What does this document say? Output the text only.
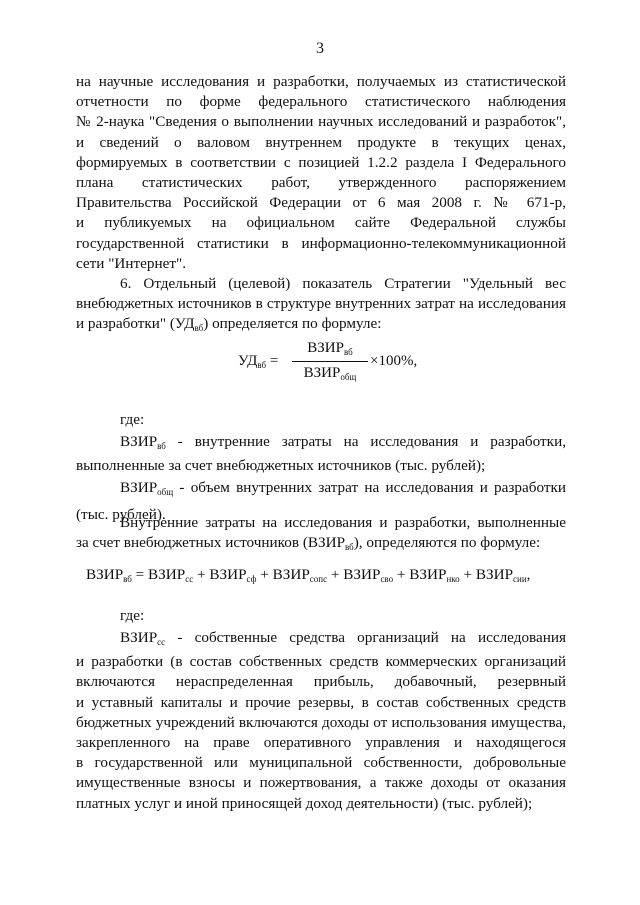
3

на научные исследования и разработки, получаемых из статистической

отчетности по форме федерального статистического наблюдения

№ 2-наука "Сведения о выполнении научных исследований и разработок",

и сведений о валовом внутреннем продукте в текущих ценах,

формируемых в соответствии с позицией 1.2.2 раздела I Федерального

плана статистических работ, утвержденного распоряжением

Правительства Российской Федерации от 6 мая 2008 г. № 671-р,

и публикуемых на официальном сайте Федеральной службы

государственной статистики в информационно-телекоммуникационной

сети "Интернет".

6. Отдельный (целевой) показатель Стратегии "Удельный вес

внебюджетных источников в структуре внутренних затрат на исследования

и разработки" $(УД_{вб})$ определяется по формуле:

$УД_{вб}$ =
$ВЗИР_{вб}$
$ВЗИР_{общ}$
×100%,
где:

$ВЗИР_{вб}$ - внутренние затраты на исследования и разработки,

выполненные за счет внебюджетных источников (тыс. рублей);

$ВЗИР_{общ}$ - объем внутренних затрат на исследования и разработки

(тыс. рублей).

Внутренние затраты на исследования и разработки, выполненные

за счет внебюджетных источников $(ВЗИР_{вб})$, определяются по формуле:

$ВЗИР_{вб}$ = $ВЗИР_{сс}$ + $ВЗИР_{сф}$ + $ВЗИР_{сопс}$ + $ВЗИР_{сво}$ + $ВЗИР_{нко}$ + $ВЗИР_{сии}$,
где:

$ВЗИР_{сс}$ - собственные средства организаций на исследования

и разработки (в состав собственных средств коммерческих организаций

включаются нераспределенная прибыль, добавочный, резервный

и уставный капиталы и прочие резервы, в состав собственных средств

бюджетных учреждений включаются доходы от использования имущества,

закрепленного на праве оперативного управления и находящегося

в государственной или муниципальной собственности, добровольные

имущественные взносы и пожертвования, а также доходы от оказания

платных услуг и иной приносящей доход деятельности) (тыс. рублей);
